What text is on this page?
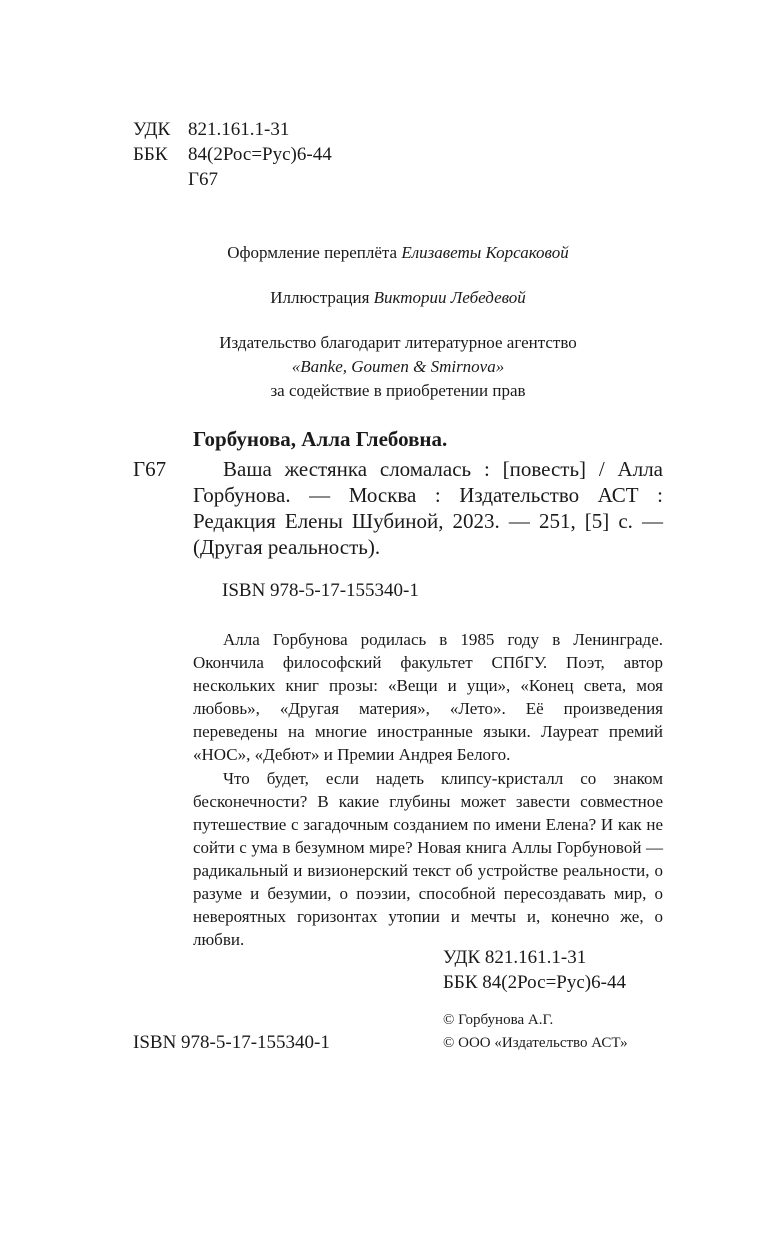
УДК 821.161.1-31
ББК 84(2Рос=Рус)6-44
Г67
Оформление переплёта Елизаветы Корсаковой
Иллюстрация Виктории Лебедевой
Издательство благодарит литературное агентство
«Banke, Goumen & Smirnova»
за содействие в приобретении прав
Горбунова, Алла Глебовна.
Г67	Ваша жестянка сломалась : [повесть] / Алла Горбунова. — Москва : Издательство АСТ : Редакция Елены Шубиной, 2023. — 251, [5] с. — (Другая реальность).
ISBN 978-5-17-155340-1

Алла Горбунова родилась в 1985 году в Ленинграде. Окончила философский факультет СПбГУ. Поэт, автор нескольких книг прозы: «Вещи и ущи», «Конец света, моя любовь», «Другая материя», «Лето». Её произведения переведены на многие иностранные языки. Лауреат премий «НОС», «Дебют» и Премии Андрея Белого.

Что будет, если надеть клипсу-кристалл со знаком бесконечности? В какие глубины может завести совместное путешествие с загадочным созданием по имени Елена? И как не сойти с ума в безумном мире? Новая книга Аллы Горбуновой — радикальный и визионерский текст об устройстве реальности, о разуме и безумии, о поэзии, способной пересоздавать мир, о невероятных горизонтах утопии и мечты и, конечно же, о любви.

УДК 821.161.1-31
ББК 84(2Рос=Рус)6-44
© Горбунова А.Г.
ISBN 978-5-17-155340-1	© ООО «Издательство АСТ»
